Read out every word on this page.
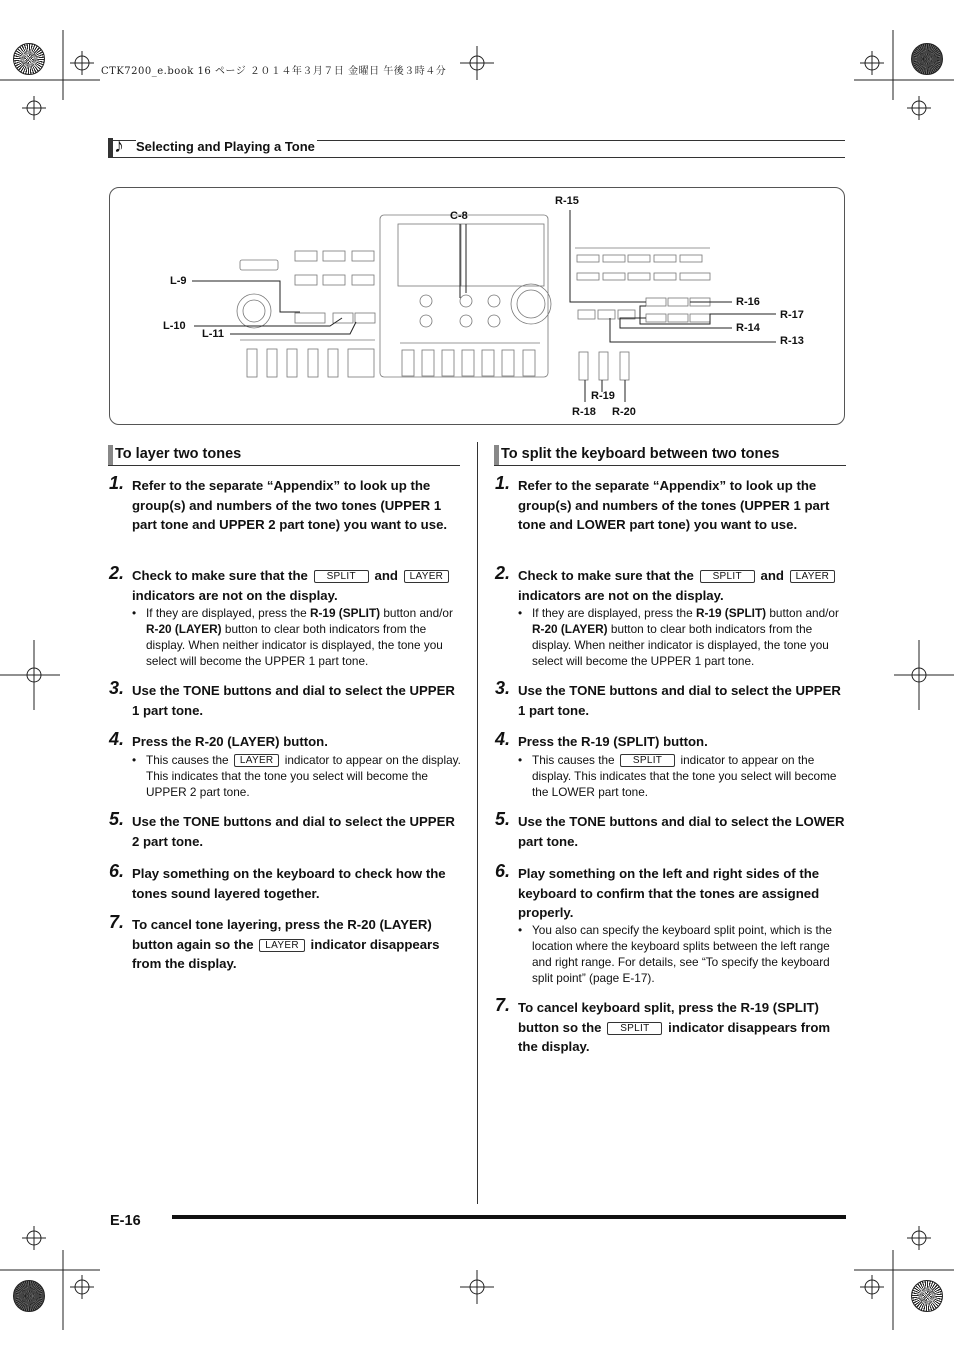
CTK7200_e.book 16 ページ ２０１４年３月７日 金曜日 午後３時４分
♪ Selecting and Playing a Tone
R-15
C-8
L-9
L-10
L-11
R-16
R-17
R-14
R-13
R-19
R-18 R-20
To layer two tones
1. Refer to the separate “Appendix” to look up the group(s) and numbers of the two tones (UPPER 1 part tone and UPPER 2 part tone) you want to use.
2. Check to make sure that the SPLIT and LAYER indicators are not on the display.
• If they are displayed, press the R-19 (SPLIT) button and/or R-20 (LAYER) button to clear both indicators from the display. When neither indicator is displayed, the tone you select will become the UPPER 1 part tone.
3. Use the TONE buttons and dial to select the UPPER 1 part tone.
4. Press the R-20 (LAYER) button.
• This causes the LAYER indicator to appear on the display. This indicates that the tone you select will become the UPPER 2 part tone.
5. Use the TONE buttons and dial to select the UPPER 2 part tone.
6. Play something on the keyboard to check how the tones sound layered together.
7. To cancel tone layering, press the R-20 (LAYER) button again so the LAYER indicator disappears from the display.
To split the keyboard between two tones
1. Refer to the separate “Appendix” to look up the group(s) and numbers of the tones (UPPER 1 part tone and LOWER part tone) you want to use.
2. Check to make sure that the SPLIT and LAYER indicators are not on the display.
• If they are displayed, press the R-19 (SPLIT) button and/or R-20 (LAYER) button to clear both indicators from the display. When neither indicator is displayed, the tone you select will become the UPPER 1 part tone.
3. Use the TONE buttons and dial to select the UPPER 1 part tone.
4. Press the R-19 (SPLIT) button.
• This causes the SPLIT indicator to appear on the display. This indicates that the tone you select will become the LOWER part tone.
5. Use the TONE buttons and dial to select the LOWER part tone.
6. Play something on the left and right sides of the keyboard to confirm that the tones are assigned properly.
• You also can specify the keyboard split point, which is the location where the keyboard splits between the left range and right range. For details, see “To specify the keyboard split point” (page E-17).
7. To cancel keyboard split, press the R-19 (SPLIT) button so the SPLIT indicator disappears from the display.
E-16
